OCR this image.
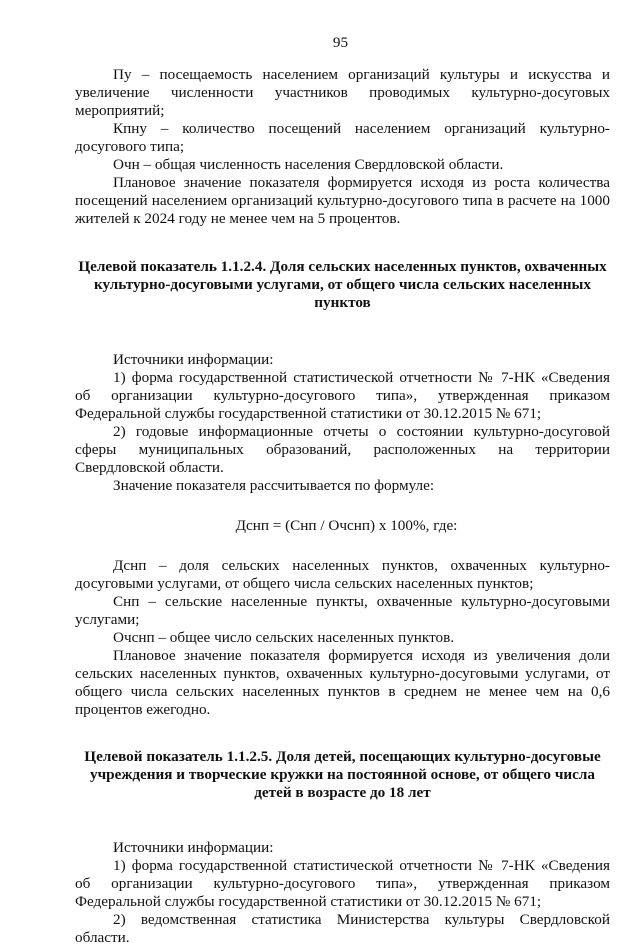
95

Пу – посещаемость населением организаций культуры и искусства и увеличение численности участников проводимых культурно-досуговых мероприятий;

Кпну – количество посещений населением организаций культурно-досугового типа;

Очн – общая численность населения Свердловской области.

Плановое значение показателя формируется исходя из роста количества посещений населением организаций культурно-досугового типа в расчете на 1000 жителей к 2024 году не менее чем на 5 процентов.

Целевой показатель 1.1.2.4. Доля сельских населенных пунктов, охваченных культурно-досуговыми услугами, от общего числа сельских населенных пунктов

Источники информации:

1) форма государственной статистической отчетности № 7-НК «Сведения об организации культурно-досугового типа», утвержденная приказом Федеральной службы государственной статистики от 30.12.2015 № 671;

2) годовые информационные отчеты о состоянии культурно-досуговой сферы муниципальных образований, расположенных на территории Свердловской области.

Значение показателя рассчитывается по формуле:

Дснп = (Снп / Очснп) х 100%, где:

Дснп – доля сельских населенных пунктов, охваченных культурно-досуговыми услугами, от общего числа сельских населенных пунктов;

Снп – сельские населенные пункты, охваченные культурно-досуговыми услугами;

Очснп – общее число сельских населенных пунктов.

Плановое значение показателя формируется исходя из увеличения доли сельских населенных пунктов, охваченных культурно-досуговыми услугами, от общего числа сельских населенных пунктов в среднем не менее чем на 0,6 процентов ежегодно.

Целевой показатель 1.1.2.5. Доля детей, посещающих культурно-досуговые учреждения и творческие кружки на постоянной основе, от общего числа детей в возрасте до 18 лет

Источники информации:

1) форма государственной статистической отчетности № 7-НК «Сведения об организации культурно-досугового типа», утвержденная приказом Федеральной службы государственной статистики от 30.12.2015 № 671;

2) ведомственная статистика Министерства культуры Свердловской области.
